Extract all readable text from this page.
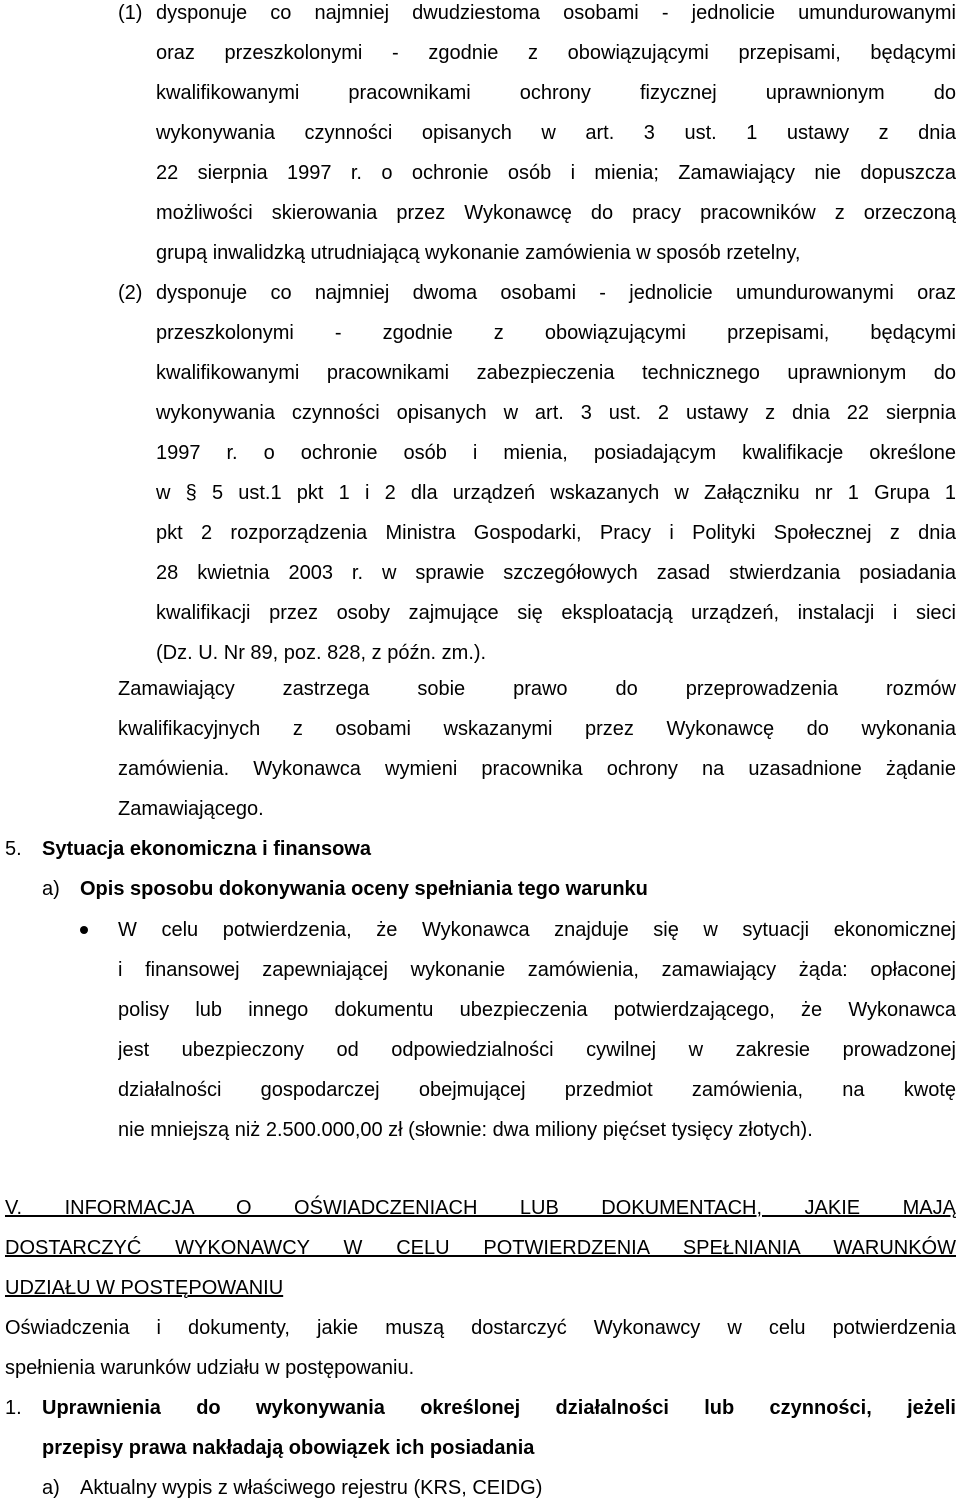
(1) dysponuje co najmniej dwudziestoma osobami - jednolicie umundurowanymi
oraz przeszkolonymi - zgodnie z obowiązującymi przepisami, będącymi
kwalifikowanymi pracownikami ochrony fizycznej uprawnionym do
wykonywania czynności opisanych w art. 3 ust. 1 ustawy z dnia
22 sierpnia 1997 r. o ochronie osób i mienia; Zamawiający nie dopuszcza
możliwości skierowania przez Wykonawcę do pracy pracowników z orzeczoną
grupą inwalidzką utrudniającą wykonanie zamówienia w sposób rzetelny,
(2) dysponuje co najmniej dwoma osobami - jednolicie umundurowanymi oraz
przeszkolonymi - zgodnie z obowiązującymi przepisami, będącymi
kwalifikowanymi pracownikami zabezpieczenia technicznego uprawnionym do
wykonywania czynności opisanych w art. 3 ust. 2 ustawy z dnia 22 sierpnia
1997 r. o ochronie osób i mienia, posiadającym kwalifikacje określone
w § 5 ust.1 pkt 1 i 2 dla urządzeń wskazanych w Załączniku nr 1 Grupa 1
pkt 2 rozporządzenia Ministra Gospodarki, Pracy i Polityki Społecznej z dnia
28 kwietnia 2003 r. w sprawie szczegółowych zasad stwierdzania posiadania
kwalifikacji przez osoby zajmujące się eksploatacją urządzeń, instalacji i sieci
(Dz. U. Nr 89, poz. 828, z późn. zm.).
Zamawiający zastrzega sobie prawo do przeprowadzenia rozmów
kwalifikacyjnych z osobami wskazanymi przez Wykonawcę do wykonania
zamówienia. Wykonawca wymieni pracownika ochrony na uzasadnione żądanie
Zamawiającego.
5. Sytuacja ekonomiczna i finansowa
a) Opis sposobu dokonywania oceny spełniania tego warunku
W celu potwierdzenia, że Wykonawca znajduje się w sytuacji ekonomicznej
i finansowej zapewniającej wykonanie zamówienia, zamawiający żąda: opłaconej
polisy lub innego dokumentu ubezpieczenia potwierdzającego, że Wykonawca
jest ubezpieczony od odpowiedzialności cywilnej w zakresie prowadzonej
działalności gospodarczej obejmującej przedmiot zamówienia, na kwotę
nie mniejszą niż 2.500.000,00 zł (słownie: dwa miliony pięćset tysięcy złotych).
V. INFORMACJA O OŚWIADCZENIACH LUB DOKUMENTACH, JAKIE MAJĄ
DOSTARCZYĆ WYKONAWCY W CELU POTWIERDZENIA SPEŁNIANIA WARUNKÓW
UDZIAŁU W POSTĘPOWANIU
Oświadczenia i dokumenty, jakie muszą dostarczyć Wykonawcy w celu potwierdzenia
spełnienia warunków udziału w postępowaniu.
1. Uprawnienia do wykonywania określonej działalności lub czynności, jeżeli
przepisy prawa nakładają obowiązek ich posiadania
a) Aktualny wypis z właściwego rejestru (KRS, CEIDG)
